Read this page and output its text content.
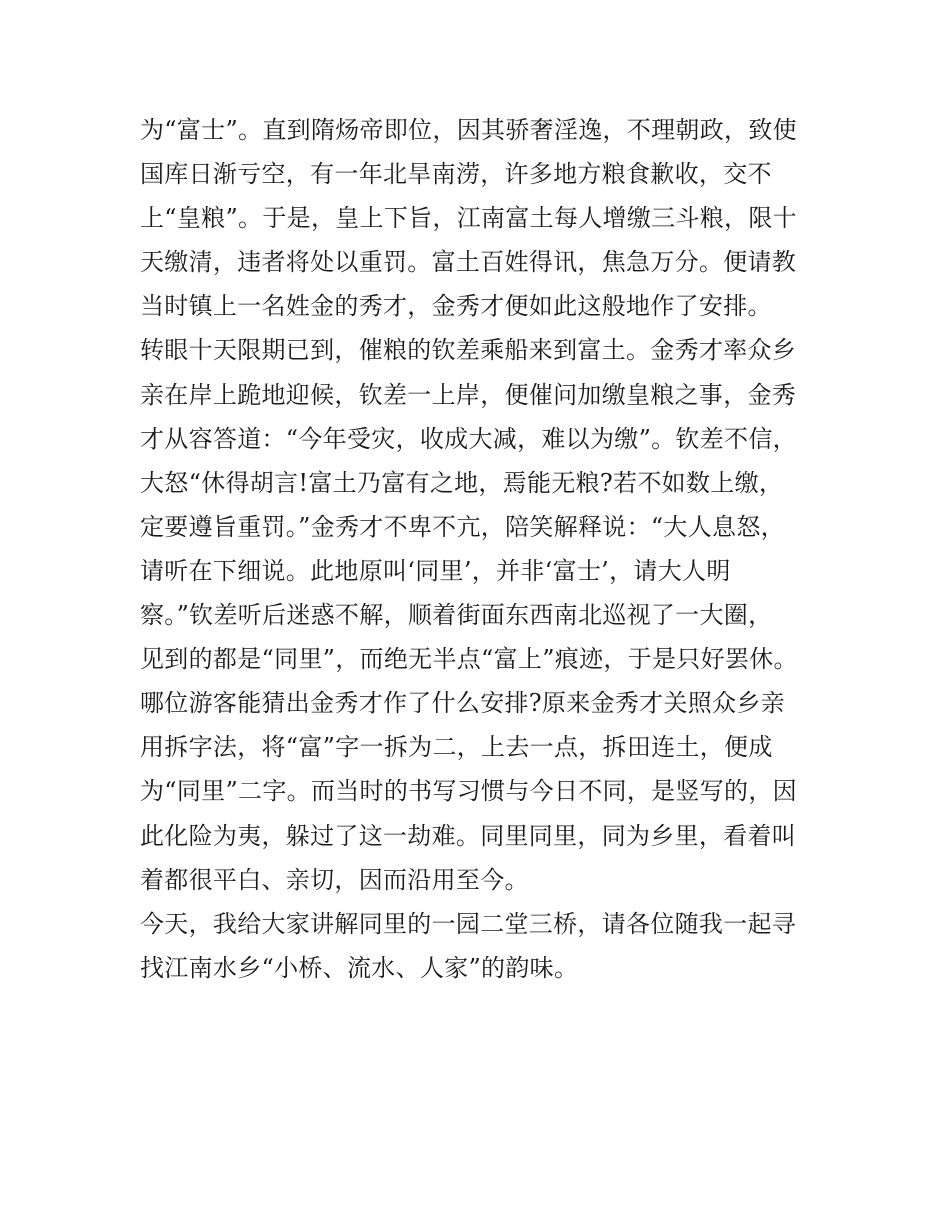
为“富士”。直到隋炀帝即位，因其骄奢淫逸，不理朝政，致使
国库日渐亏空，有一年北旱南涝，许多地方粮食歉收，交不
上“皇粮”。于是，皇上下旨，江南富土每人增缴三斗粮，限十
天缴清，违者将处以重罚。富土百姓得讯，焦急万分。便请教
当时镇上一名姓金的秀才，金秀才便如此这般地作了安排。
转眼十天限期已到，催粮的钦差乘船来到富土。金秀才率众乡
亲在岸上跪地迎候，钦差一上岸，便催问加缴皇粮之事，金秀
才从容答道：“今年受灾，收成大减，难以为缴”。钦差不信，
大怒“休得胡言!富土乃富有之地，焉能无粮?若不如数上缴，
定要遵旨重罚。”金秀才不卑不亢，陪笑解释说：“大人息怒，
请听在下细说。此地原叫‘同里’，并非‘富士’，请大人明
察。”钦差听后迷惑不解，顺着街面东西南北巡视了一大圈，
见到的都是“同里”，而绝无半点“富上”痕迹，于是只好罢休。
哪位游客能猜出金秀才作了什么安排?原来金秀才关照众乡亲
用拆字法，将“富”字一拆为二，上去一点，拆田连土，便成
为“同里”二字。而当时的书写习惯与今日不同，是竖写的，因
此化险为夷，躲过了这一劫难。同里同里，同为乡里，看着叫
着都很平白、亲切，因而沿用至今。
今天，我给大家讲解同里的一园二堂三桥，请各位随我一起寻
找江南水乡“小桥、流水、人家”的韵味。
